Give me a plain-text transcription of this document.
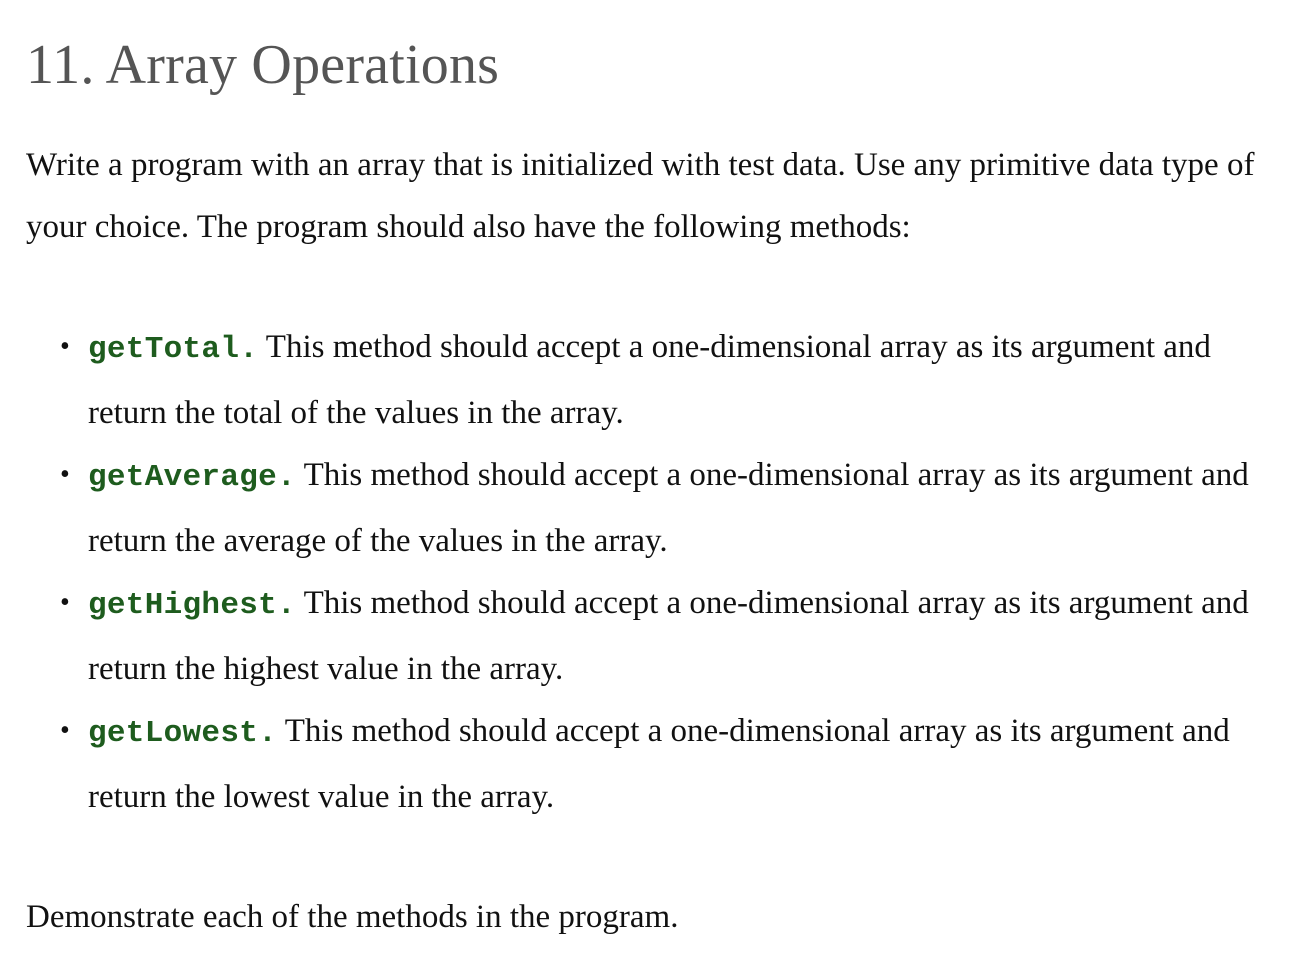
11. Array Operations

Write a program with an array that is initialized with test data. Use any primitive data type of your choice. The program should also have the following methods:

• getTotal. This method should accept a one-dimensional array as its argument and return the total of the values in the array.
• getAverage. This method should accept a one-dimensional array as its argument and return the average of the values in the array.
• getHighest. This method should accept a one-dimensional array as its argument and return the highest value in the array.
• getLowest. This method should accept a one-dimensional array as its argument and return the lowest value in the array.

Demonstrate each of the methods in the program.
